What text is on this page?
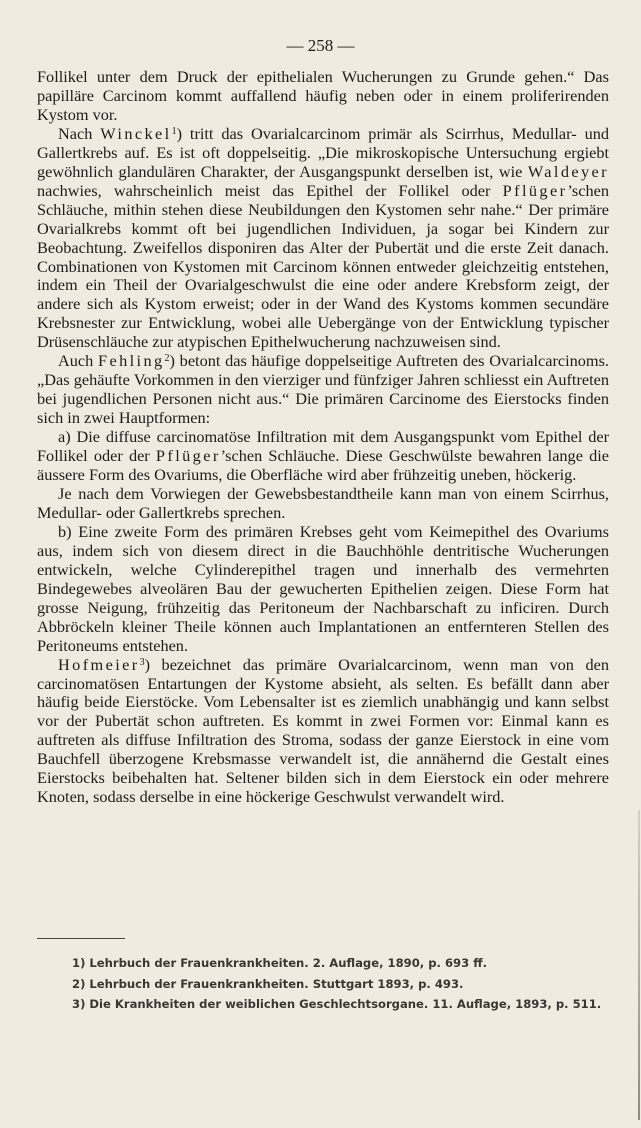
— 258 —

Follikel unter dem Druck der epithelialen Wucherungen zu Grunde gehen.“ Das papilläre Carcinom kommt auffallend häufig neben oder in einem proliferirenden Kystom vor.

Nach Winckel$^1$) tritt das Ovarialcarcinom primär als Scirrhus, Medullar- und Gallertkrebs auf. Es ist oft doppelseitig. „Die mikroskopische Untersuchung ergiebt gewöhnlich glandulären Charakter, der Ausgangspunkt derselben ist, wie Waldeyer nachwies, wahrscheinlich meist das Epithel der Follikel oder Pflüger’schen Schläuche, mithin stehen diese Neubildungen den Kystomen sehr nahe.“ Der primäre Ovarialkrebs kommt oft bei jugendlichen Individuen, ja sogar bei Kindern zur Beobachtung. Zweifellos disponiren das Alter der Pubertät und die erste Zeit danach. Combinationen von Kystomen mit Carcinom können entweder gleichzeitig entstehen, indem ein Theil der Ovarialgeschwulst die eine oder andere Krebsform zeigt, der andere sich als Kystom erweist; oder in der Wand des Kystoms kommen secundäre Krebsnester zur Entwicklung, wobei alle Uebergänge von der Entwicklung typischer Drüsenschläuche zur atypischen Epithelwucherung nachzuweisen sind.

Auch Fehling$^2$) betont das häufige doppelseitige Auftreten des Ovarialcarcinoms. „Das gehäufte Vorkommen in den vierziger und fünfziger Jahren schliesst ein Auftreten bei jugendlichen Personen nicht aus.“ Die primären Carcinome des Eierstocks finden sich in zwei Hauptformen:

a) Die diffuse carcinomatöse Infiltration mit dem Ausgangspunkt vom Epithel der Follikel oder der Pflüger’schen Schläuche. Diese Geschwülste bewahren lange die äussere Form des Ovariums, die Oberfläche wird aber frühzeitig uneben, höckerig.

Je nach dem Vorwiegen der Gewebsbestandtheile kann man von einem Scirrhus, Medullar- oder Gallertkrebs sprechen.

b) Eine zweite Form des primären Krebses geht vom Keimepithel des Ovariums aus, indem sich von diesem direct in die Bauchhöhle dentritische Wucherungen entwickeln, welche Cylinderepithel tragen und innerhalb des vermehrten Bindegewebes alveolären Bau der gewucherten Epithelien zeigen. Diese Form hat grosse Neigung, frühzeitig das Peritoneum der Nachbarschaft zu inficiren. Durch Abbröckeln kleiner Theile können auch Implantationen an entfernteren Stellen des Peritoneums entstehen.

Hofmeier$^3$) bezeichnet das primäre Ovarialcarcinom, wenn man von den carcinomatösen Entartungen der Kystome absieht, als selten. Es befällt dann aber häufig beide Eierstöcke. Vom Lebensalter ist es ziemlich unabhängig und kann selbst vor der Pubertät schon auftreten. Es kommt in zwei Formen vor: Einmal kann es auftreten als diffuse Infiltration des Stroma, sodass der ganze Eierstock in eine vom Bauchfell überzogene Krebsmasse verwandelt ist, die annähernd die Gestalt eines Eierstocks beibehalten hat. Seltener bilden sich in dem Eierstock ein oder mehrere Knoten, sodass derselbe in eine höckerige Geschwulst verwandelt wird.

1) Lehrbuch der Frauenkrankheiten. 2. Auflage, 1890, p. 693 ff.
2) Lehrbuch der Frauenkrankheiten. Stuttgart 1893, p. 493.
3) Die Krankheiten der weiblichen Geschlechtsorgane. 11. Auflage, 1893, p. 511.
